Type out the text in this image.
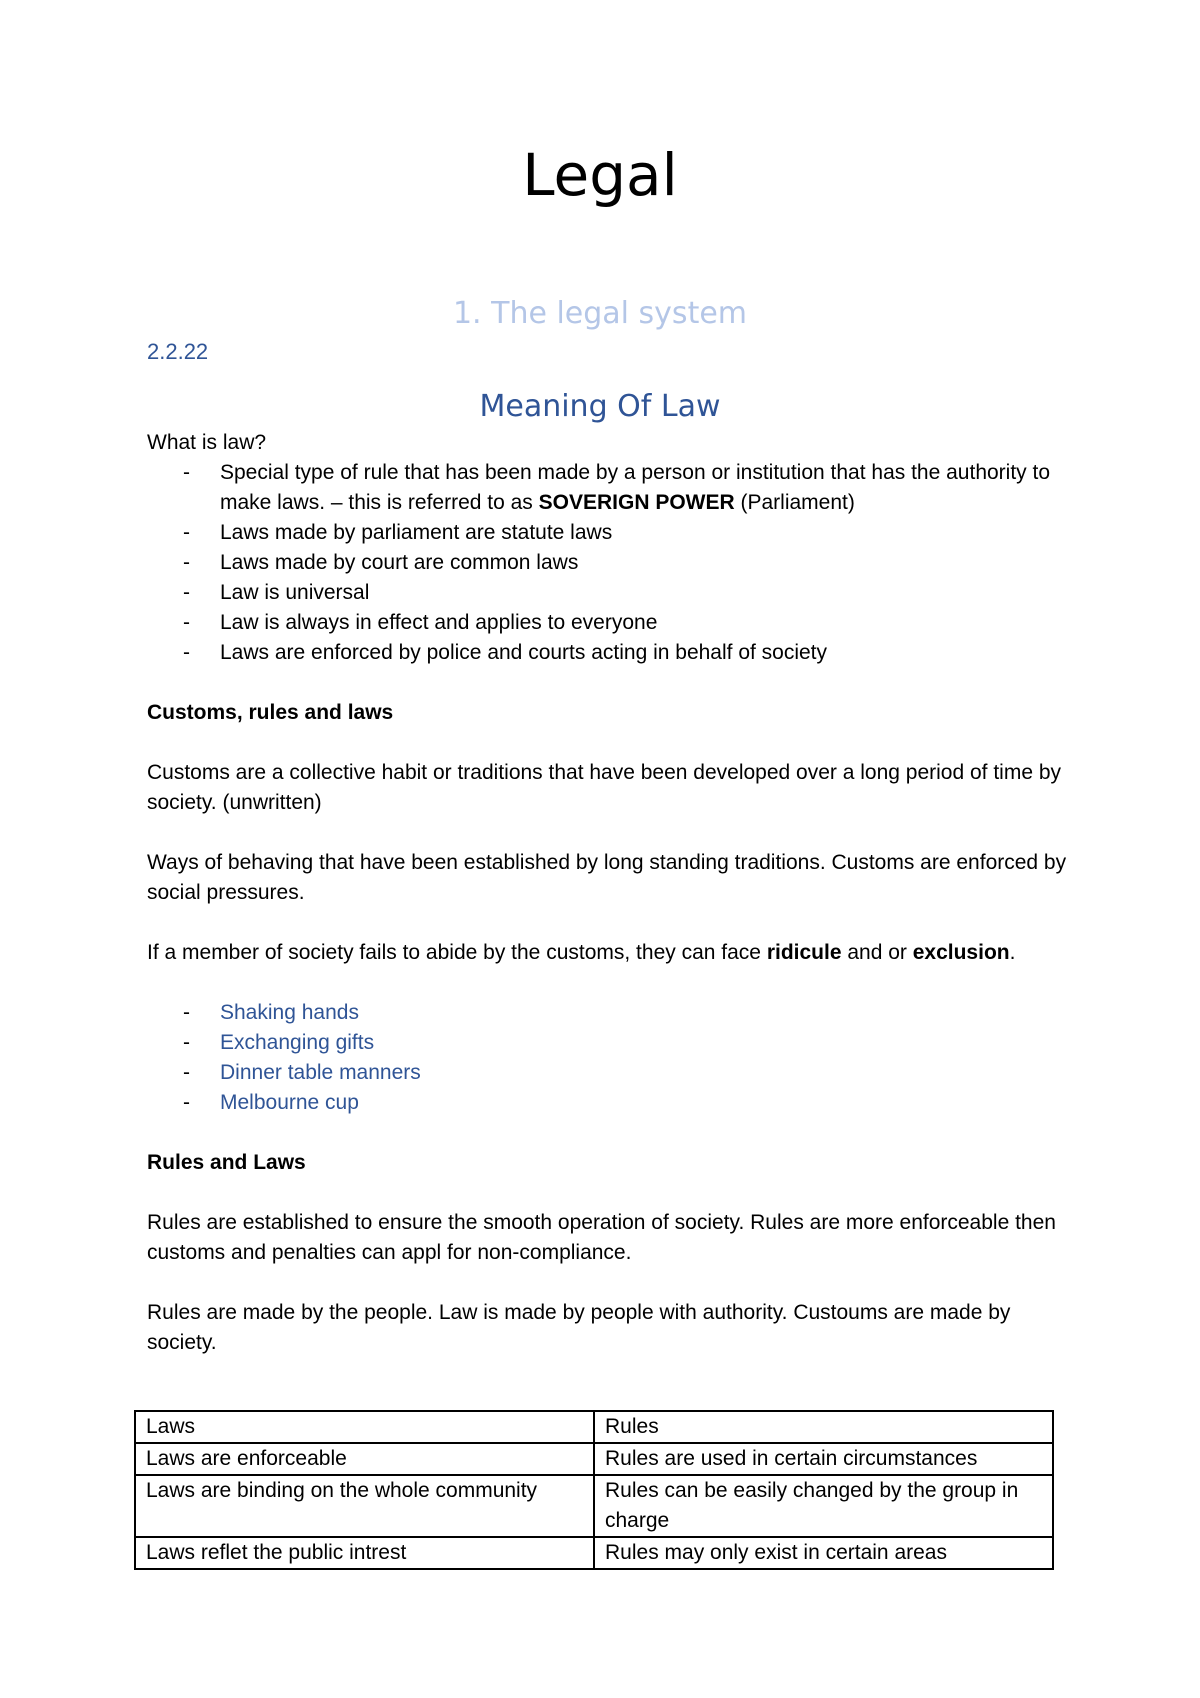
Legal
1. The legal system
2.2.22
Meaning Of Law

What is law?

- Special type of rule that has been made by a person or institution that has the authority to make laws. – this is referred to as SOVERIGN POWER (Parliament)
- Laws made by parliament are statute laws
- Laws made by court are common laws
- Law is universal
- Law is always in effect and applies to everyone
- Laws are enforced by police and courts acting in behalf of society

Customs, rules and laws

Customs are a collective habit or traditions that have been developed over a long period of time by society. (unwritten)

Ways of behaving that have been established by long standing traditions. Customs are enforced by social pressures.

If a member of society fails to abide by the customs, they can face ridicule and or exclusion.

- Shaking hands
- Exchanging gifts
- Dinner table manners
- Melbourne cup

Rules and Laws

Rules are established to ensure the smooth operation of society. Rules are more enforceable then customs and penalties can appl for non-compliance.

Rules are made by the people. Law is made by people with authority. Custoums are made by society.

Laws	Rules
Laws are enforceable	Rules are used in certain circumstances
Laws are binding on the whole community	Rules can be easily changed by the group in charge
Laws reflet the public intrest	Rules may only exist in certain areas
